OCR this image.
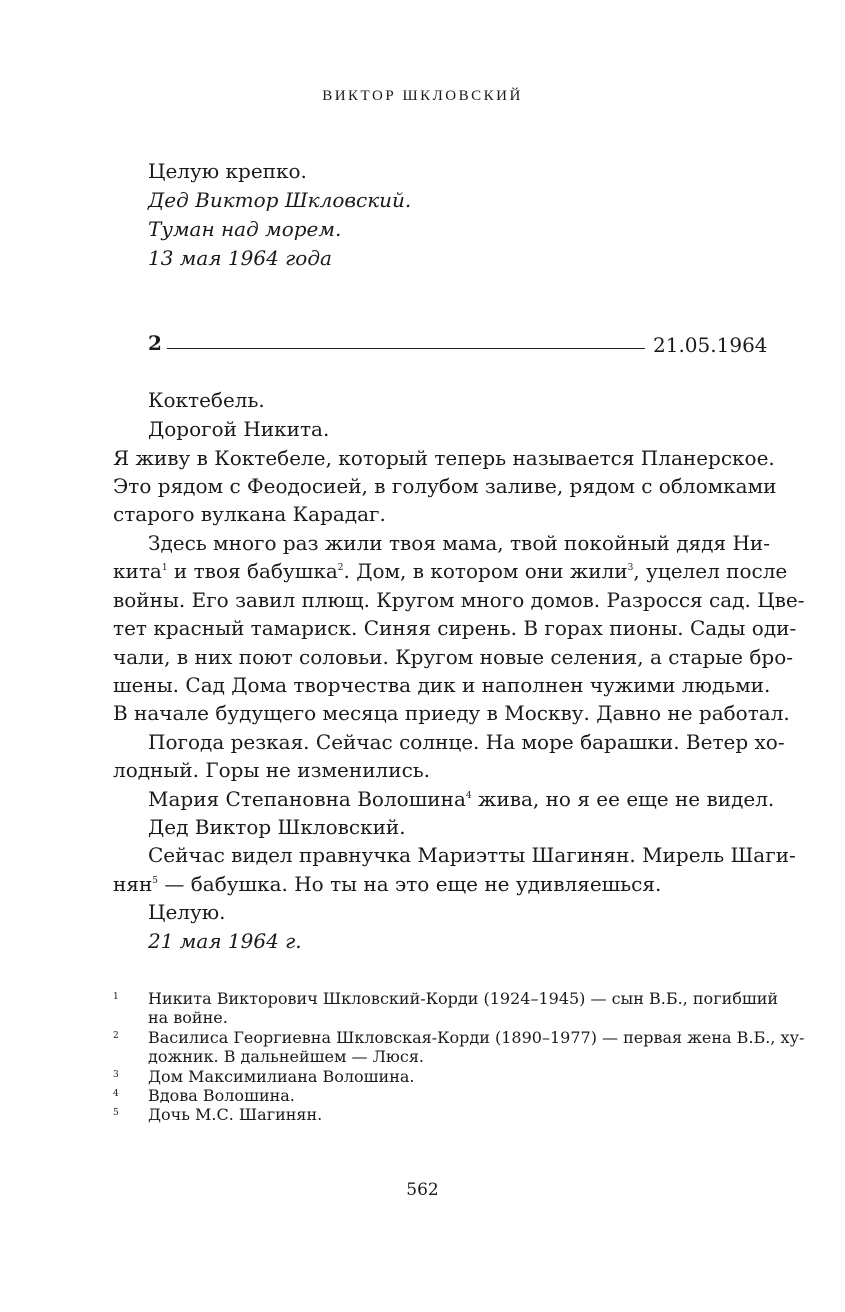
ВИКТОР ШКЛОВСКИЙ
Целую крепко.
Дед Виктор Шкловский.
Туман над морем.
13 мая 1964 года
2	21.05.1964
Коктебель.
Дорогой Никита.
Я живу в Коктебеле, который теперь называется Планерское.
Это рядом с Феодосией, в голубом заливе, рядом с обломками
старого вулкана Карадаг.
Здесь много раз жили твоя мама, твой покойный дядя Ни-
кита$^1$ и твоя бабушка$^2$. Дом, в котором они жили$^3$, уцелел после
войны. Его завил плющ. Кругом много домов. Разросся сад. Цве-
тет красный тамариск. Синяя сирень. В горах пионы. Сады оди-
чали, в них поют соловьи. Кругом новые селения, а старые бро-
шены. Сад Дома творчества дик и наполнен чужими людьми.
В начале будущего месяца приеду в Москву. Давно не работал.
Погода резкая. Сейчас солнце. На море барашки. Ветер хо-
лодный. Горы не изменились.
Мария Степановна Волошина$^4$ жива, но я ее еще не видел.
Дед Виктор Шкловский.
Сейчас видел правнучка Мариэтты Шагинян. Мирель Шаги-
нян$^5$ — бабушка. Но ты на это еще не удивляешься.
Целую.
21 мая 1964 г.
1 Никита Викторович Шкловский-Корди (1924–1945) — сын В.Б., погибший
на войне.
2 Василиса Георгиевна Шкловская-Корди (1890–1977) — первая жена В.Б., ху-
дожник. В дальнейшем — Люся.
3 Дом Максимилиана Волошина.
4 Вдова Волошина.
5 Дочь М.С. Шагинян.
562
